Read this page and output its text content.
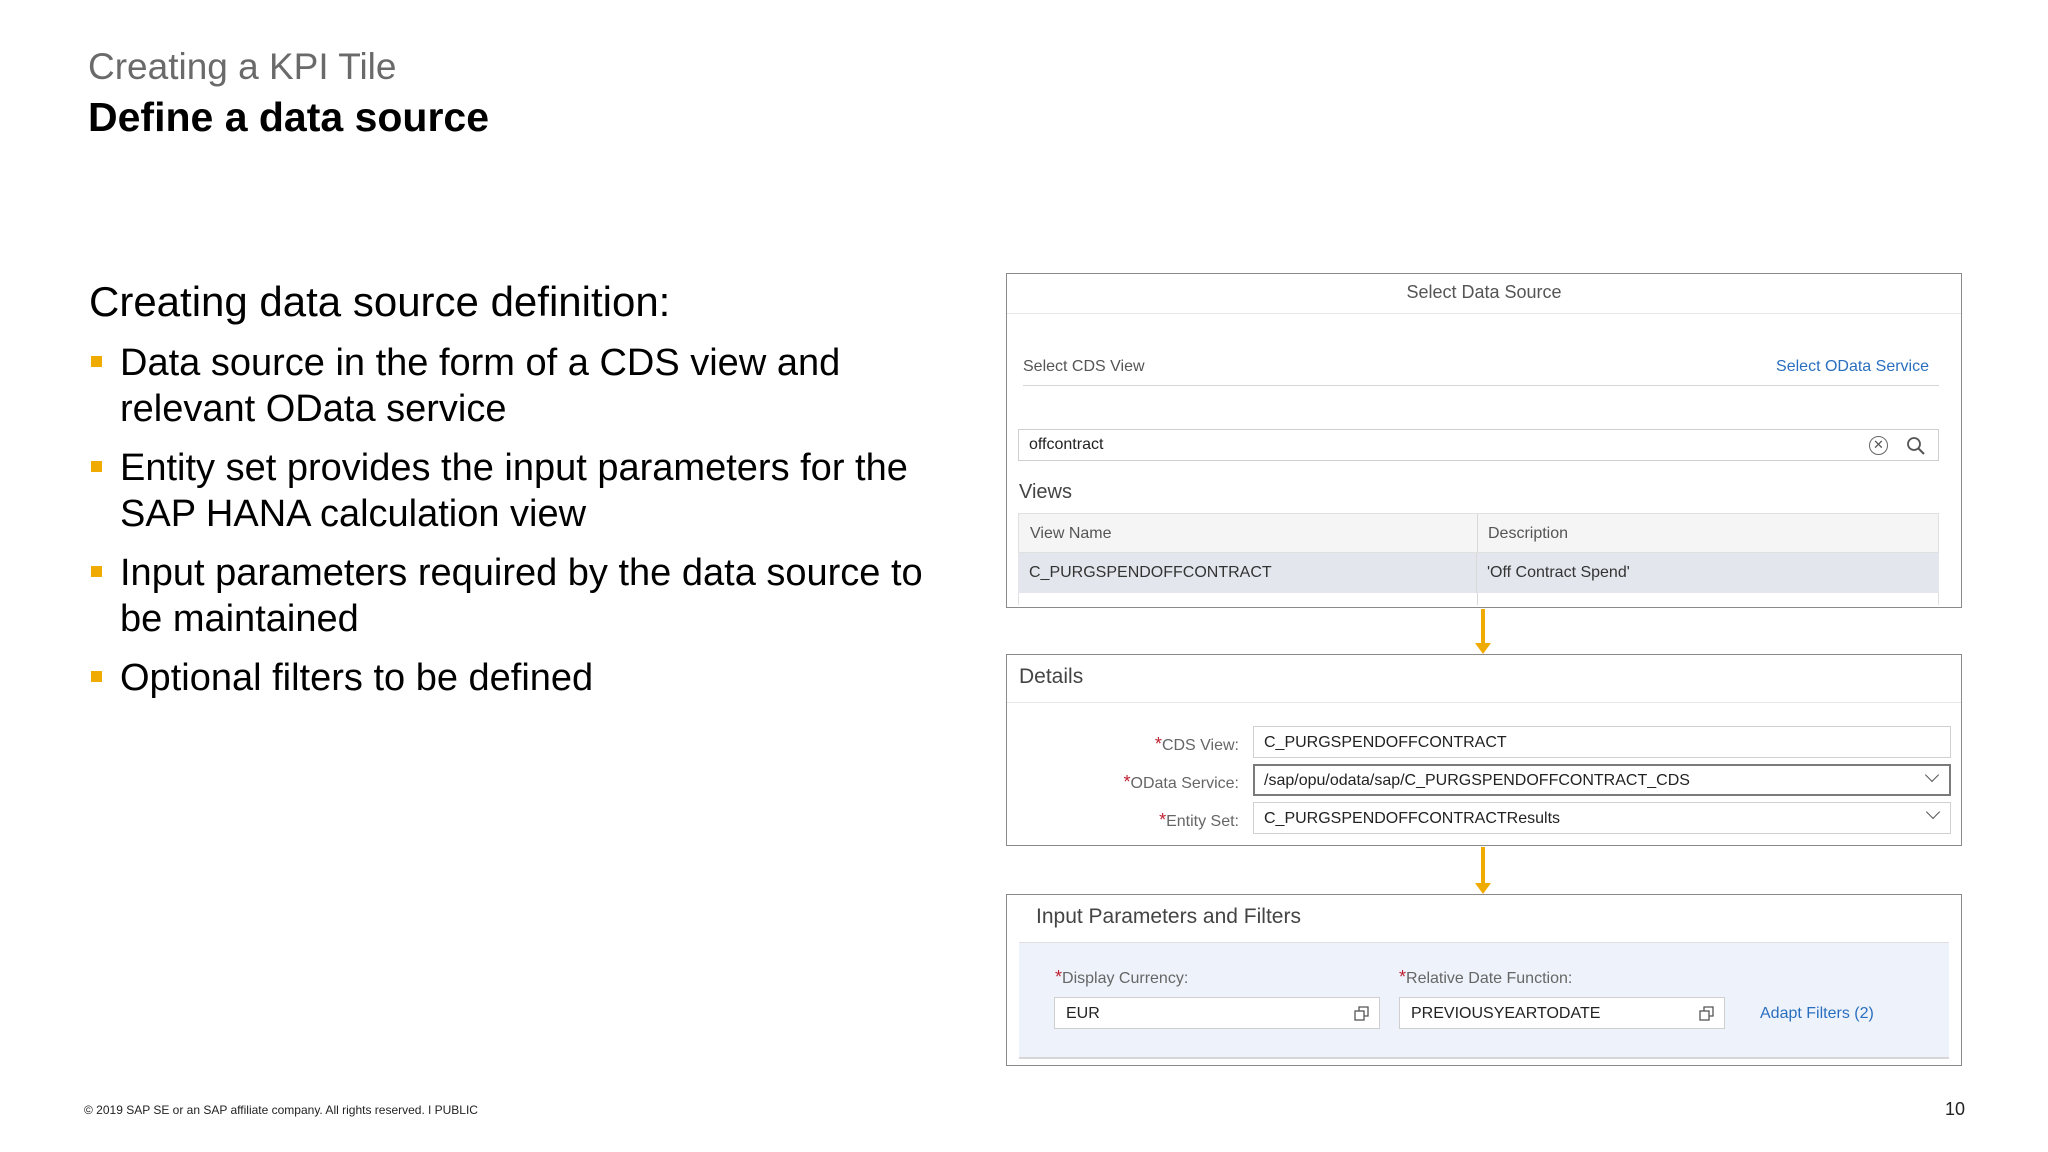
Creating a KPI Tile
Define a data source
Creating data source definition:
Data source in the form of a CDS view and relevant OData service
Entity set provides the input parameters for the SAP HANA calculation view
Input parameters required by the data source to be maintained
Optional filters to be defined
Select Data Source
Select CDS View	Select OData Service
offcontract	✕
Views
View Name	Description
C_PURGSPENDOFFCONTRACT	'Off Contract Spend'
Details
*CDS View:	C_PURGSPENDOFFCONTRACT
*OData Service:	/sap/opu/odata/sap/C_PURGSPENDOFFCONTRACT_CDS
*Entity Set:	C_PURGSPENDOFFCONTRACTResults
Input Parameters and Filters
*Display Currency:
EUR
*Relative Date Function:
PREVIOUSYEARTODATE	Adapt Filters (2)
© 2019 SAP SE or an SAP affiliate company. All rights reserved. ǀ PUBLIC	10
